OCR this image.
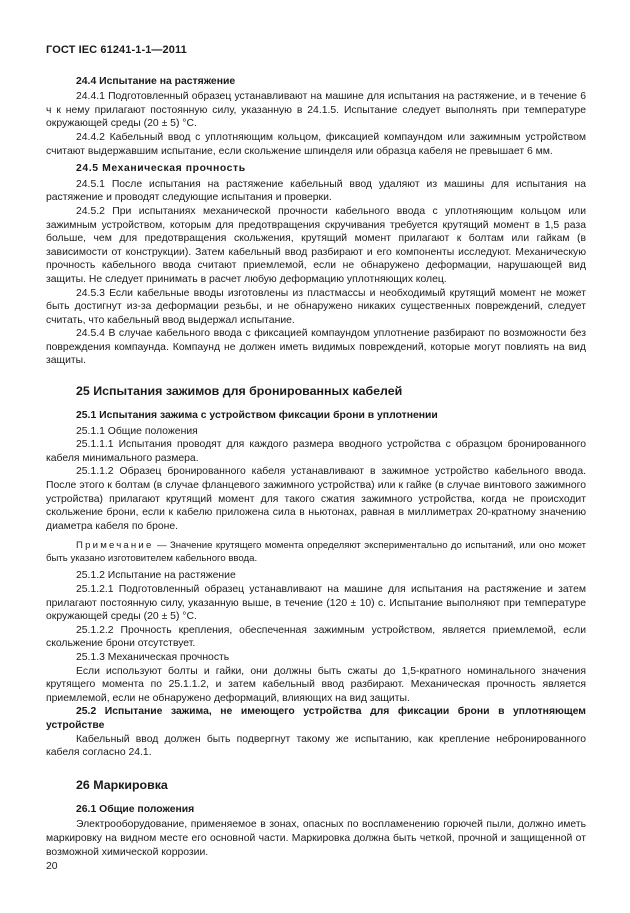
ГОСТ IEC 61241-1-1—2011
24.4 Испытание на растяжение

24.4.1 Подготовленный образец устанавливают на машине для испытания на растяжение, и в течение 6 ч к нему прилагают постоянную силу, указанную в 24.1.5. Испытание следует выполнять при температуре окружающей среды (20 ± 5) °С.

24.4.2 Кабельный ввод с уплотняющим кольцом, фиксацией компаундом или зажимным устройством считают выдержавшим испытание, если скольжение шпинделя или образца кабеля не превышает 6 мм.

24.5 Механическая прочность

24.5.1 После испытания на растяжение кабельный ввод удаляют из машины для испытания на растяжение и проводят следующие испытания и проверки.

24.5.2 При испытаниях механической прочности кабельного ввода с уплотняющим кольцом или зажимным устройством, которым для предотвращения скручивания требуется крутящий момент в 1,5 раза больше, чем для предотвращения скольжения, крутящий момент прилагают к болтам или гайкам (в зависимости от конструкции). Затем кабельный ввод разбирают и его компоненты исследуют. Механическую прочность кабельного ввода считают приемлемой, если не обнаружено деформации, нарушающей вид защиты. Не следует принимать в расчет любую деформацию уплотняющих колец.

24.5.3 Если кабельные вводы изготовлены из пластмассы и необходимый крутящий момент не может быть достигнут из-за деформации резьбы, и не обнаружено никаких существенных повреждений, следует считать, что кабельный ввод выдержал испытание.

24.5.4 В случае кабельного ввода с фиксацией компаундом уплотнение разбирают по возможности без повреждения компаунда. Компаунд не должен иметь видимых повреждений, которые могут повлиять на вид защиты.

25 Испытания зажимов для бронированных кабелей
25.1 Испытания зажима с устройством фиксации брони в уплотнении

25.1.1 Общие положения

25.1.1.1 Испытания проводят для каждого размера вводного устройства с образцом бронированного кабеля минимального размера.

25.1.1.2 Образец бронированного кабеля устанавливают в зажимное устройство кабельного ввода. После этого к болтам (в случае фланцевого зажимного устройства) или к гайке (в случае винтового зажимного устройства) прилагают крутящий момент для такого сжатия зажимного устройства, когда не происходит скольжение брони, если к кабелю приложена сила в ньютонах, равная в миллиметрах 20-кратному значению диаметра кабеля по броне.

Примечание — Значение крутящего момента определяют экспериментально до испытаний, или оно может быть указано изготовителем кабельного ввода.

25.1.2 Испытание на растяжение

25.1.2.1 Подготовленный образец устанавливают на машине для испытания на растяжение и затем прилагают постоянную силу, указанную выше, в течение (120 ± 10) с. Испытание выполняют при температуре окружающей среды (20 ± 5) °С.

25.1.2.2 Прочность крепления, обеспеченная зажимным устройством, является приемлемой, если скольжение брони отсутствует.

25.1.3 Механическая прочность

Если используют болты и гайки, они должны быть сжаты до 1,5-кратного номинального значения крутящего момента по 25.1.1.2, и затем кабельный ввод разбирают. Механическая прочность является приемлемой, если не обнаружено деформаций, влияющих на вид защиты.

25.2 Испытание зажима, не имеющего устройства для фиксации брони в уплотняющем устройстве

Кабельный ввод должен быть подвергнут такому же испытанию, как крепление небронированного кабеля согласно 24.1.

26 Маркировка
26.1 Общие положения

Электрооборудование, применяемое в зонах, опасных по воспламенению горючей пыли, должно иметь маркировку на видном месте его основной части. Маркировка должна быть четкой, прочной и защищенной от возможной химической коррозии.

20
